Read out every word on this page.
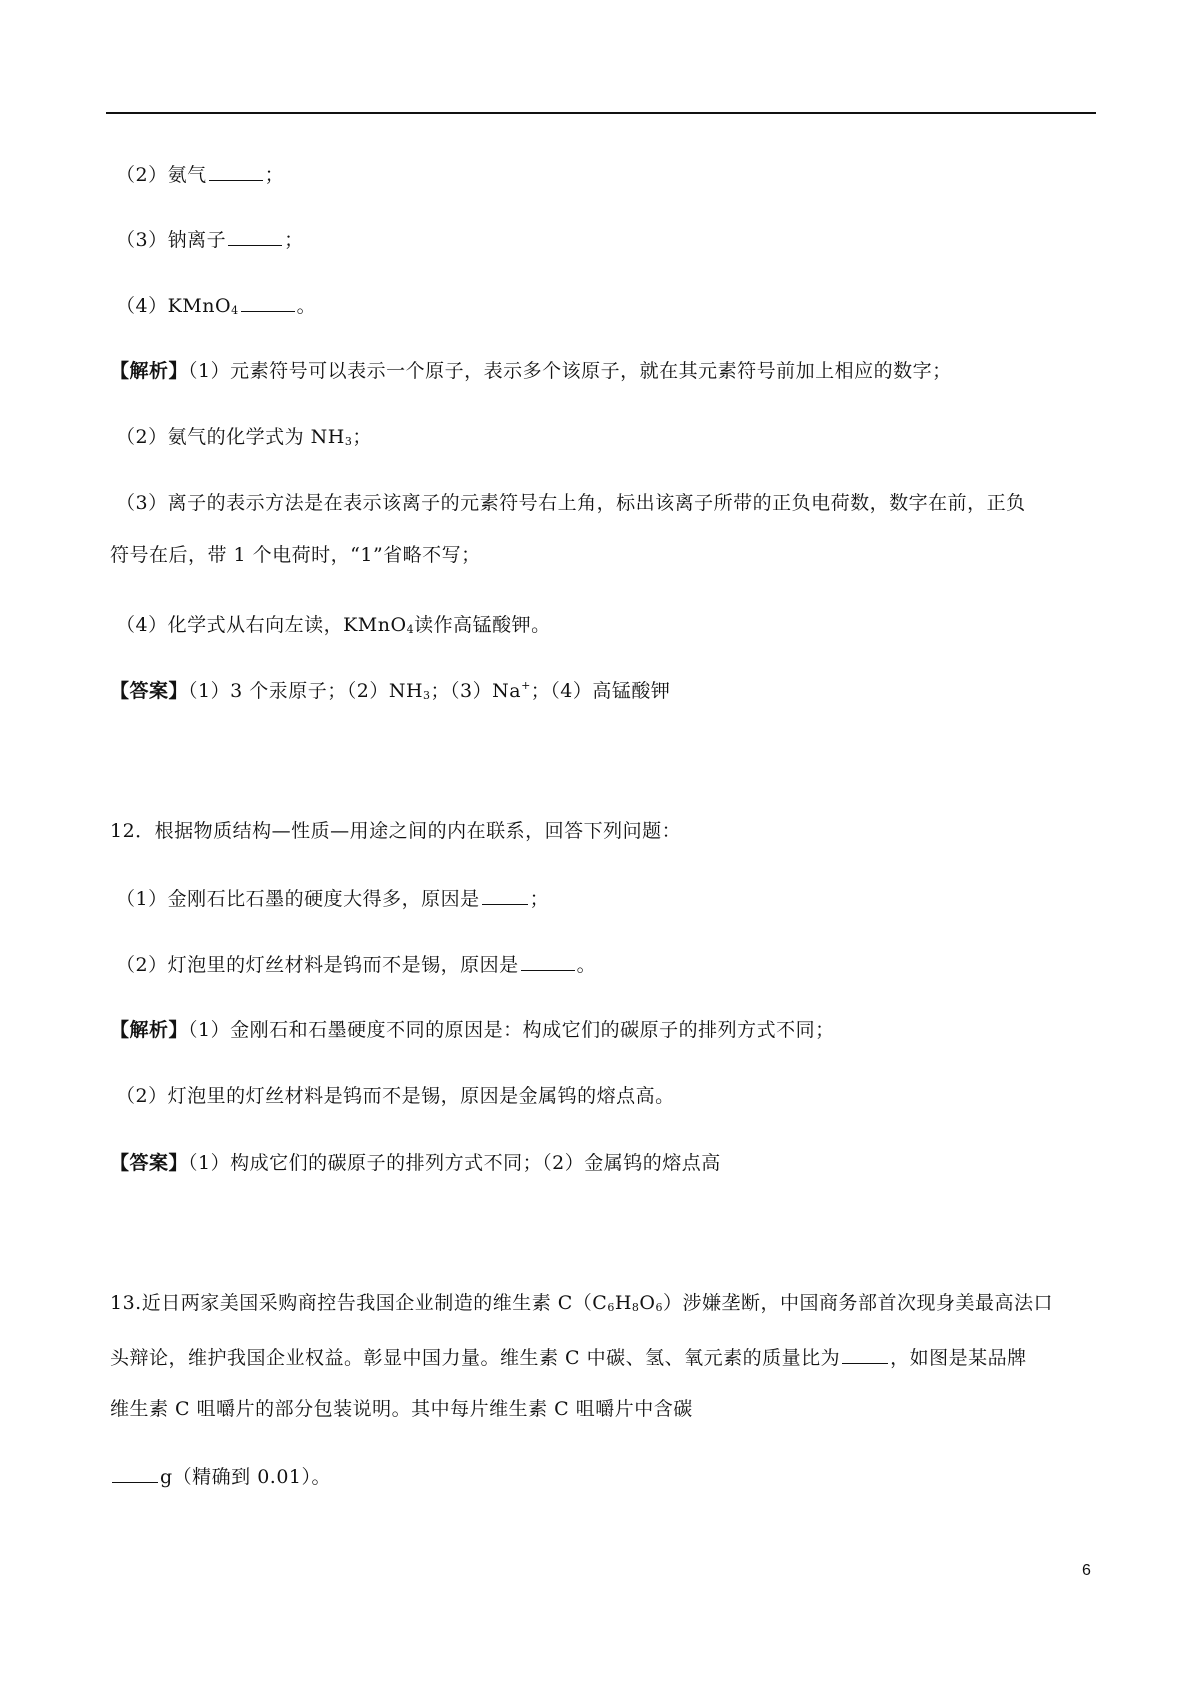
（2）氨气	；
（3）钠离子	；
（4）KMnO$_4$	。
【解析】（1）元素符号可以表示一个原子，表示多个该原子，就在其元素符号前加上相应的数字；
（2）氨气的化学式为 $NH_3$；
（3）离子的表示方法是在表示该离子的元素符号右上角，标出该离子所带的正负电荷数，数字在前，正负
符号在后，带 1 个电荷时，“1”省略不写；
（4）化学式从右向左读，KMnO$_4$读作高锰酸钾。
【答案】（1）3 个汞原子；$(2)NH_3$；（3）Na+；（4）高锰酸钾
12．根据物质结构—性质—用途之间的内在联系，回答下列问题：
（1）金刚石比石墨的硬度大得多，原因是	；
（2）灯泡里的灯丝材料是钨而不是锡，原因是	。
【解析】（1）金刚石和石墨硬度不同的原因是：构成它们的碳原子的排列方式不同；
（2）灯泡里的灯丝材料是钨而不是锡，原因是金属钨的熔点高。
【答案】（1）构成它们的碳原子的排列方式不同；（2）金属钨的熔点高
13.近日两家美国采购商控告我国企业制造的维生素 $C(C_6H_8O_6)$涉嫌垄断，中国商务部首次现身美最高法口
头辩论，维护我国企业权益。彰显中国力量。维生素 C 中碳、氢、氧元素的质量比为	，如图是某品牌
维生素 C 咀嚼片的部分包装说明。其中每片维生素 C 咀嚼片中含碳
g（精确到 0.01）。
6
